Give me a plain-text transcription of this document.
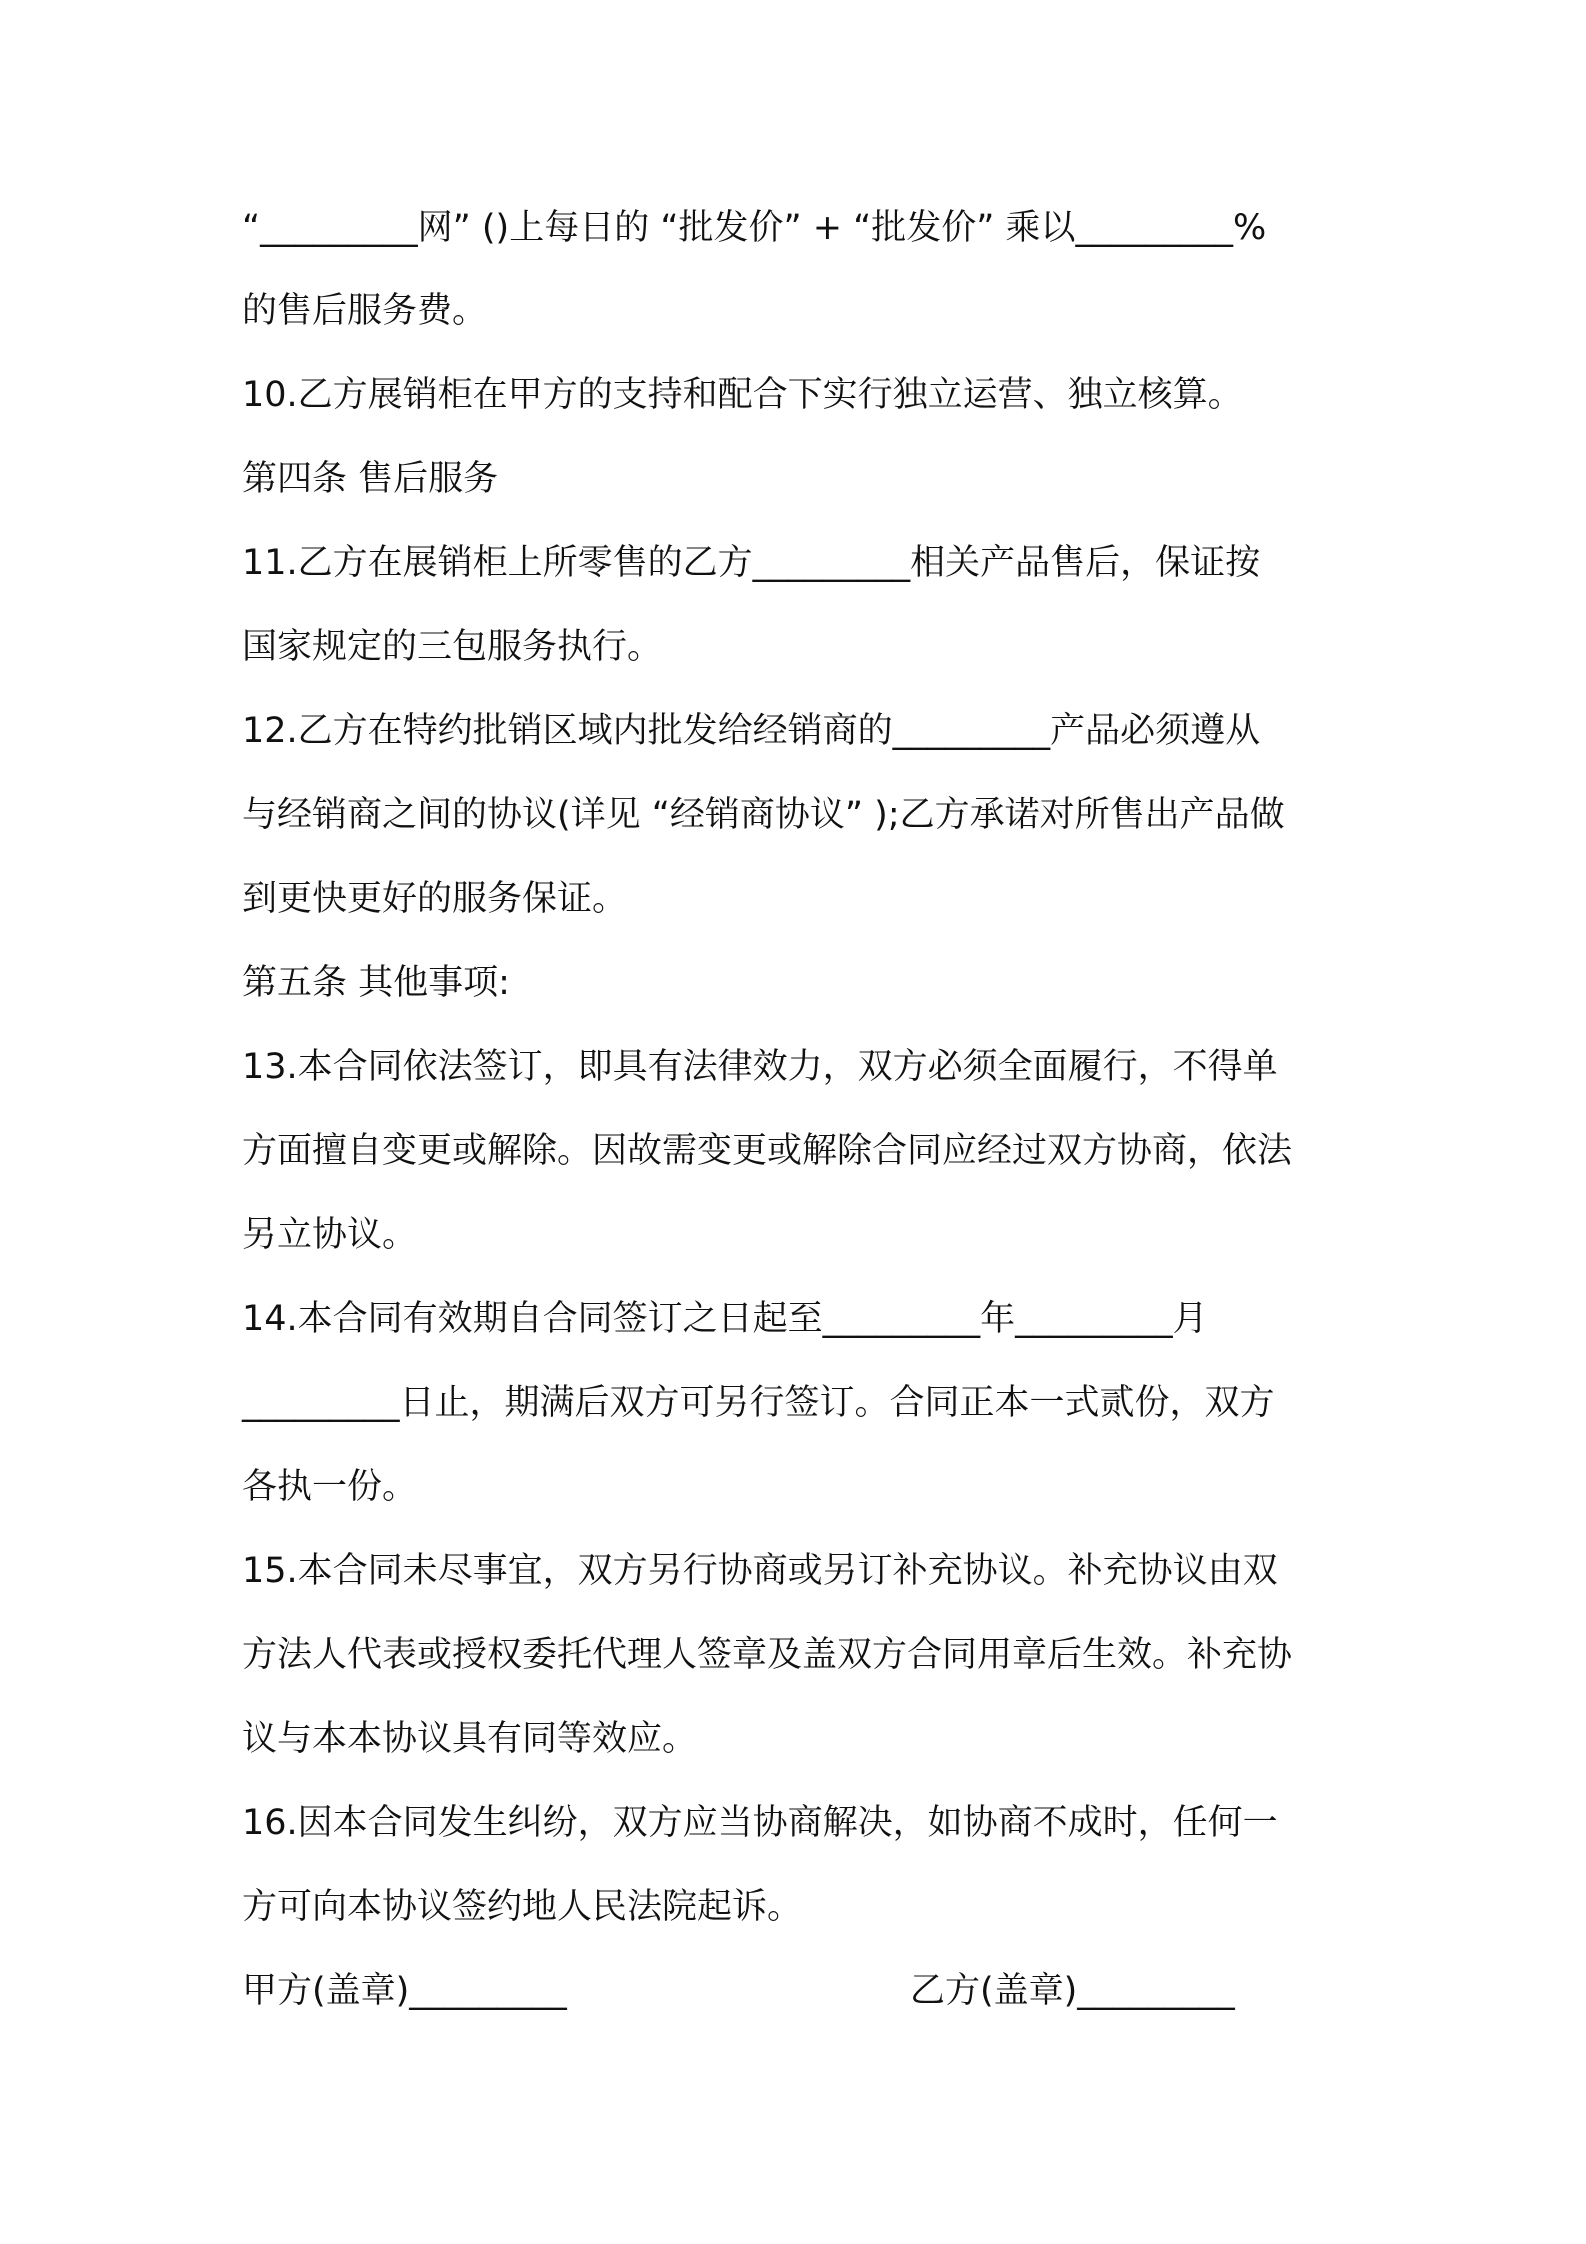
“_________网” ()上每日的 “批发价” + “批发价” 乘以_________%
的售后服务费。
10.乙方展销柜在甲方的支持和配合下实行独立运营、独立核算。
第四条 售后服务
11.乙方在展销柜上所零售的乙方_________相关产品售后，保证按
国家规定的三包服务执行。
12.乙方在特约批销区域内批发给经销商的_________产品必须遵从
与经销商之间的协议(详见 “经销商协议” );乙方承诺对所售出产品做
到更快更好的服务保证。
第五条 其他事项:
13.本合同依法签订，即具有法律效力，双方必须全面履行，不得单
方面擅自变更或解除。因故需变更或解除合同应经过双方协商，依法
另立协议。
14.本合同有效期自合同签订之日起至_________年_________月
_________日止，期满后双方可另行签订。合同正本一式贰份，双方
各执一份。
15.本合同未尽事宜，双方另行协商或另订补充协议。补充协议由双
方法人代表或授权委托代理人签章及盖双方合同用章后生效。补充协
议与本本协议具有同等效应。
16.因本合同发生纠纷，双方应当协商解决，如协商不成时，任何一
方可向本协议签约地人民法院起诉。
甲方(盖章)_________	乙方(盖章)_________
